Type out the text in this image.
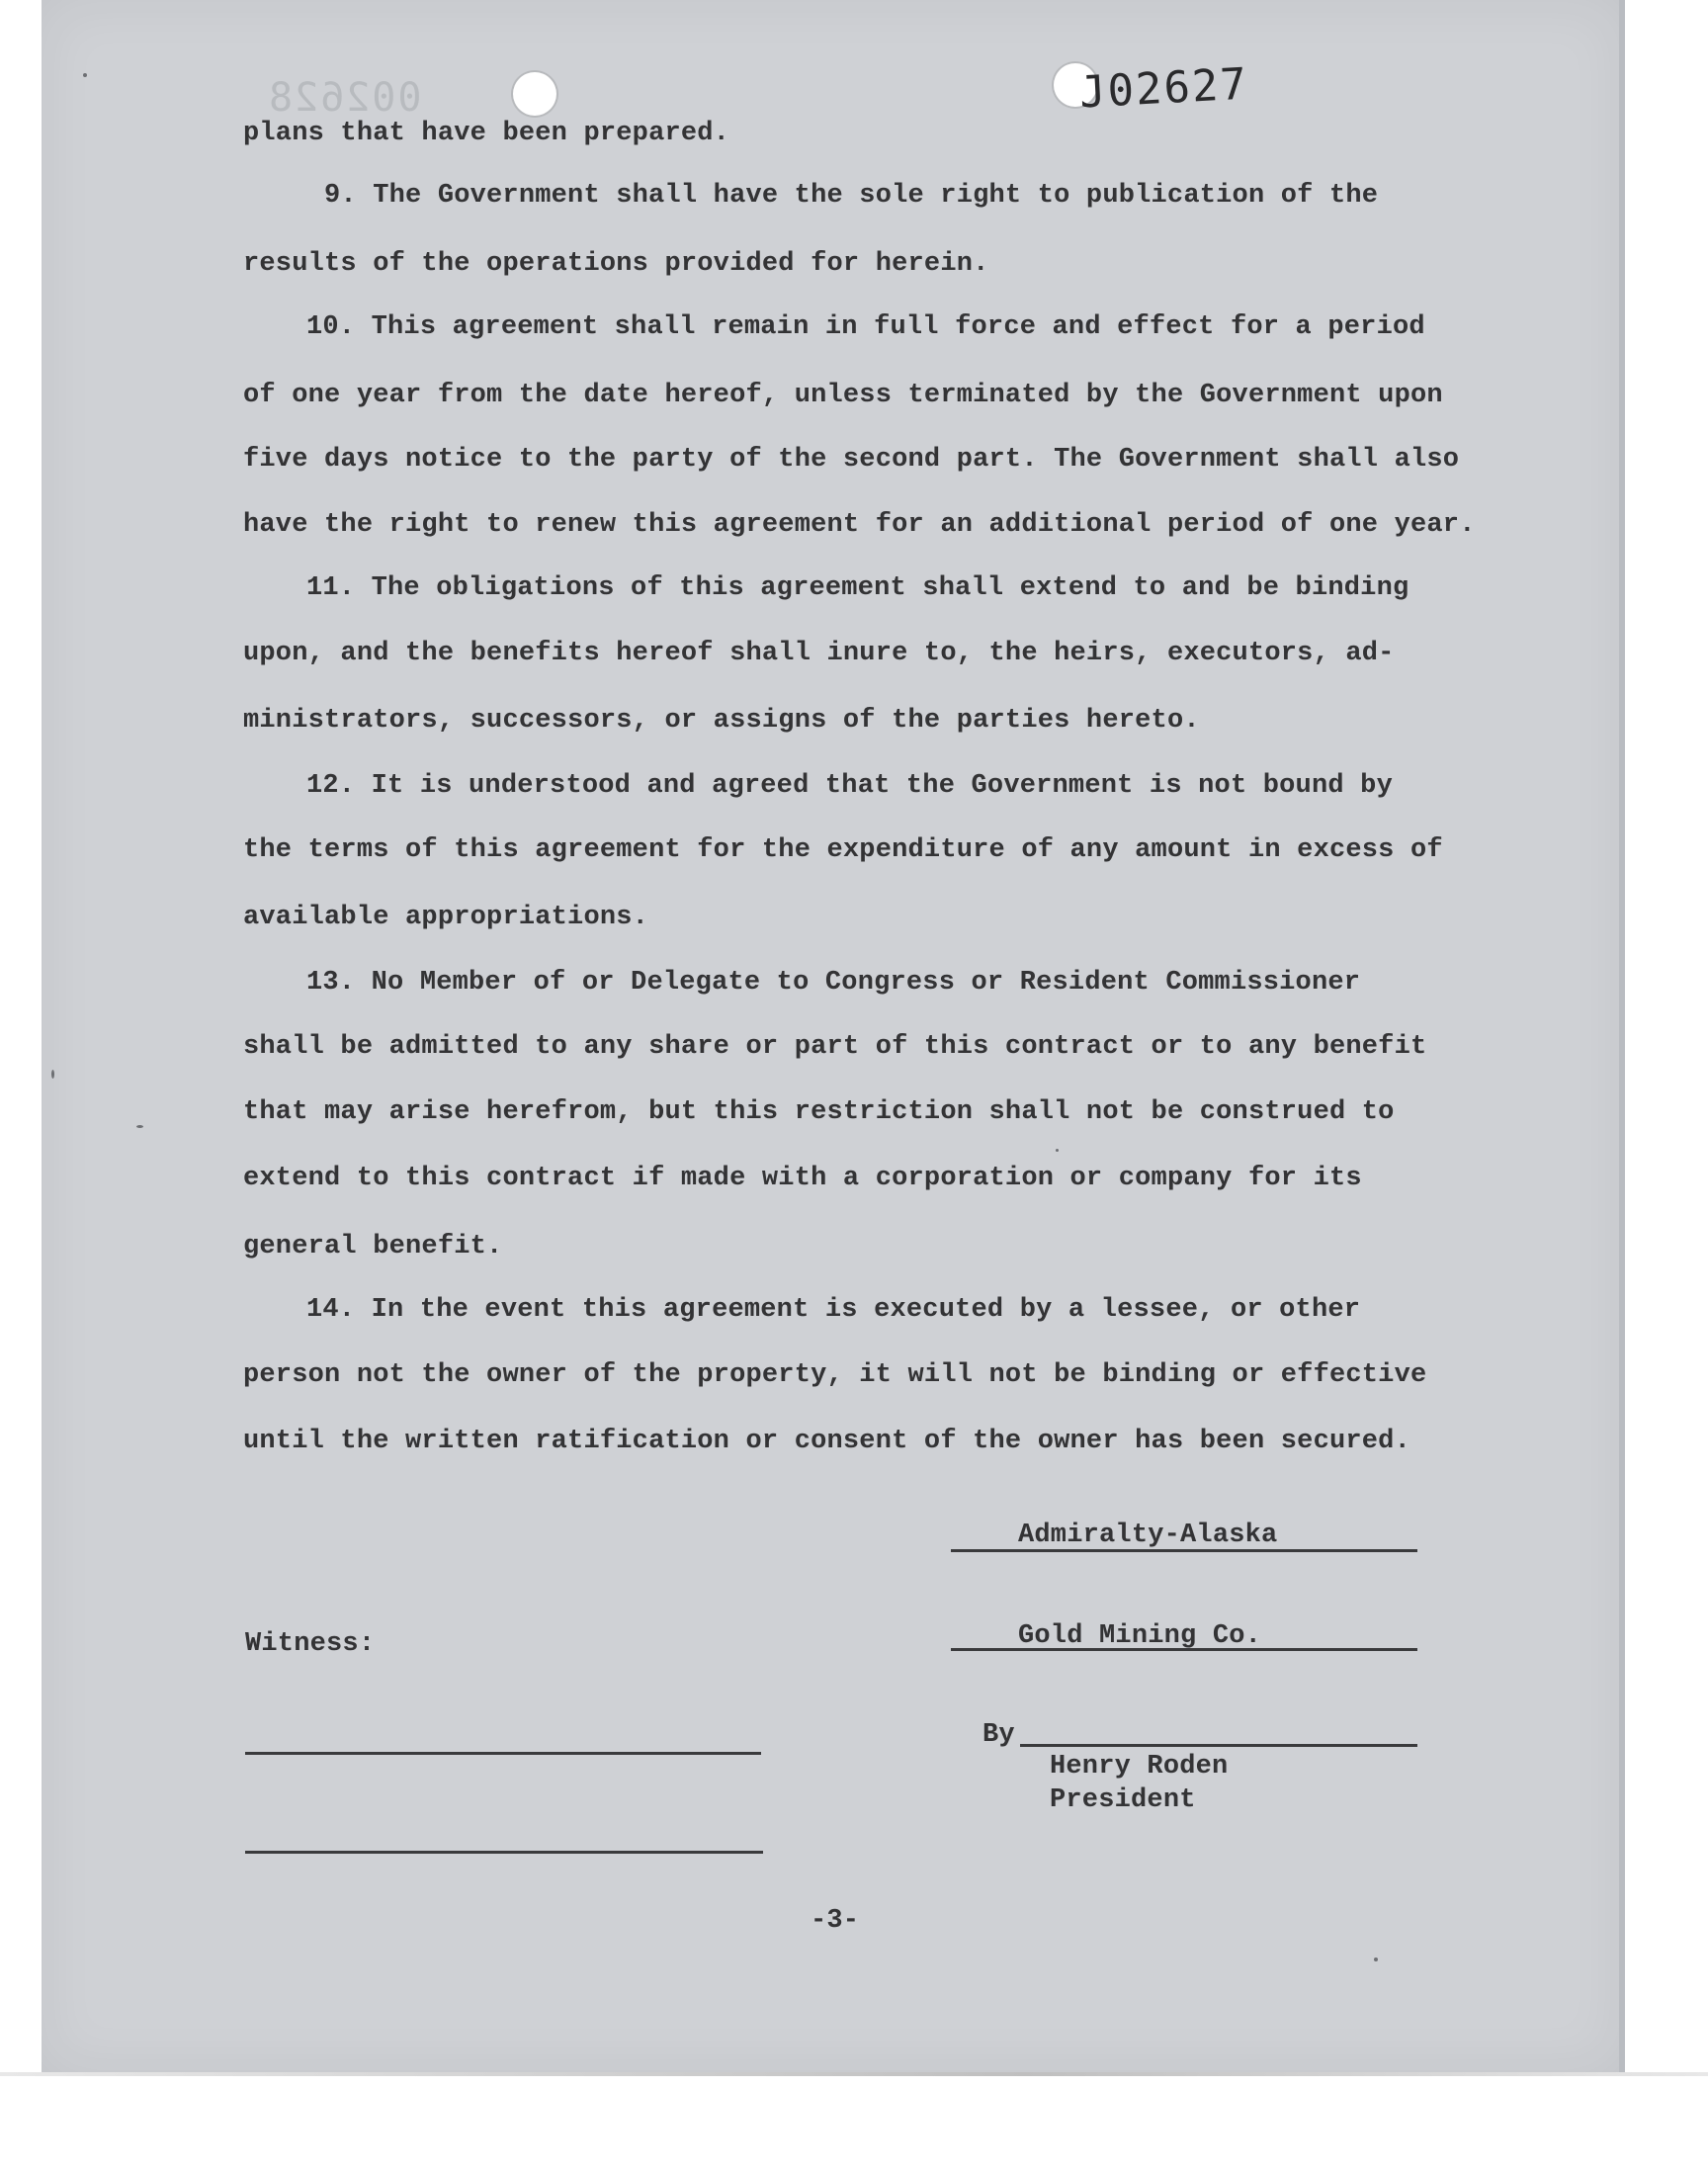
002628	J02627
plans that have been prepared.
9. The Government shall have the sole right to publication of the
results of the operations provided for herein.
10. This agreement shall remain in full force and effect for a period
of one year from the date hereof, unless terminated by the Government upon
five days notice to the party of the second part. The Government shall also
have the right to renew this agreement for an additional period of one year.
11. The obligations of this agreement shall extend to and be binding
upon, and the benefits hereof shall inure to, the heirs, executors, ad-
ministrators, successors, or assigns of the parties hereto.
12. It is understood and agreed that the Government is not bound by
the terms of this agreement for the expenditure of any amount in excess of
available appropriations.
13. No Member of or Delegate to Congress or Resident Commissioner
shall be admitted to any share or part of this contract or to any benefit
that may arise herefrom, but this restriction shall not be construed to
extend to this contract if made with a corporation or company for its
general benefit.
14. In the event this agreement is executed by a lessee, or other
person not the owner of the property, it will not be binding or effective
until the written ratification or consent of the owner has been secured.
Admiralty-Alaska
Gold Mining Co.
Witness:
By
Henry Roden
President
-3-
